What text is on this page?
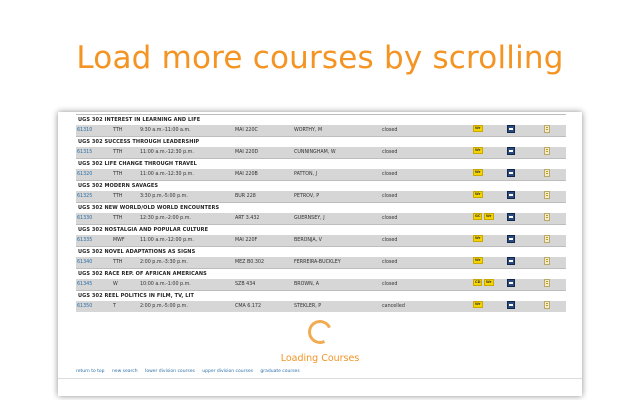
Load more courses by scrolling
UGS 302 INTEREST IN LEARNING AND LIFE
61310	TTH	9:30 a.m.-11:00 a.m.	MAI 220C	WORTHY, M	closed	Wr
UGS 302 SUCCESS THROUGH LEADERSHIP
61315	TTH	11:00 a.m.-12:30 p.m.	MAI 220D	CUNNINGHAM, W	closed	Wr
UGS 302 LIFE CHANGE THROUGH TRAVEL
61320	TTH	11:00 a.m.-12:30 p.m.	MAI 220B	PATTON, J	closed	Wr
UGS 302 MODERN SAVAGES
61325	TTH	3:30 p.m.-5:00 p.m.	BUR 228	PETROV, P	closed	Wr
UGS 302 NEW WORLD/OLD WORLD ENCOUNTERS
61330	TTH	12:30 p.m.-2:00 p.m.	ART 3.432	GUERNSEY, J	closed	GC	Wr
UGS 302 NOSTALGIA AND POPULAR CULTURE
61335	MWF	11:00 a.m.-12:00 p.m.	MAI 220F	BERONJA, V	closed	Wr
UGS 302 NOVEL ADAPTATIONS AS SIGNS
61340	TTH	2:00 p.m.-3:30 p.m.	MEZ B0.302	FERREIRA-BUCKLEY	closed	Wr
UGS 302 RACE REP. OF AFRICAN AMERICANS
61345	W	10:00 a.m.-1:00 p.m.	SZB 434	BROWN, A	closed	CD	Wr
UGS 302 REEL POLITICS IN FILM, TV, LIT
61350	T	2:00 p.m.-5:00 p.m.	CMA 6.172	STEKLER, P	cancelled	Wr
Loading Courses
return to top new search lower division courses upper division courses graduate courses
